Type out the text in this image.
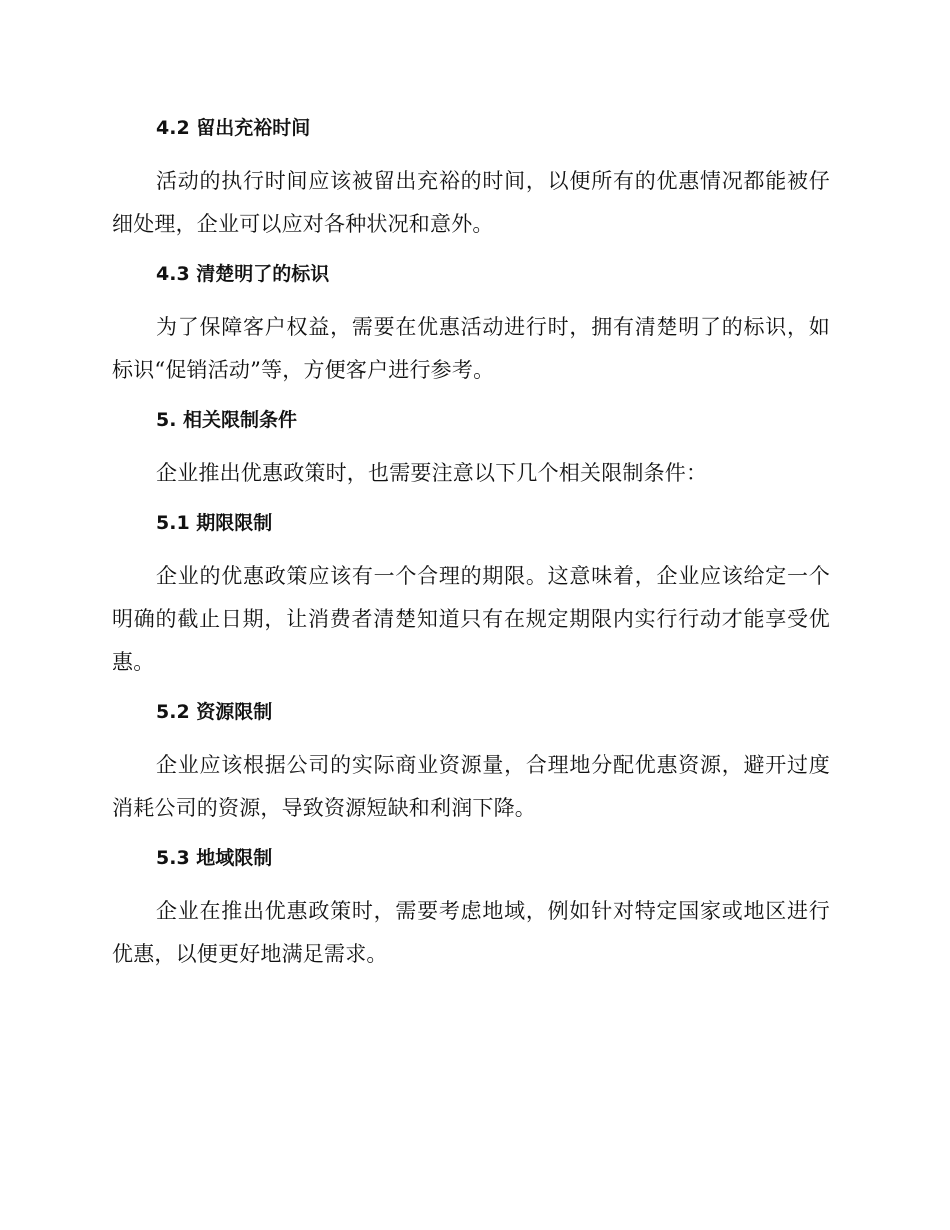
4.2 留出充裕时间

活动的执行时间应该被留出充裕的时间，以便所有的优惠情况都能被仔细处理，企业可以应对各种状况和意外。

4.3 清楚明了的标识

为了保障客户权益，需要在优惠活动进行时，拥有清楚明了的标识，如标识“促销活动”等，方便客户进行参考。

5. 相关限制条件

企业推出优惠政策时，也需要注意以下几个相关限制条件：

5.1 期限限制

企业的优惠政策应该有一个合理的期限。这意味着，企业应该给定一个明确的截止日期，让消费者清楚知道只有在规定期限内实行行动才能享受优惠。

5.2 资源限制

企业应该根据公司的实际商业资源量，合理地分配优惠资源，避开过度消耗公司的资源，导致资源短缺和利润下降。

5.3 地域限制

企业在推出优惠政策时，需要考虑地域，例如针对特定国家或地区进行优惠，以便更好地满足需求。
